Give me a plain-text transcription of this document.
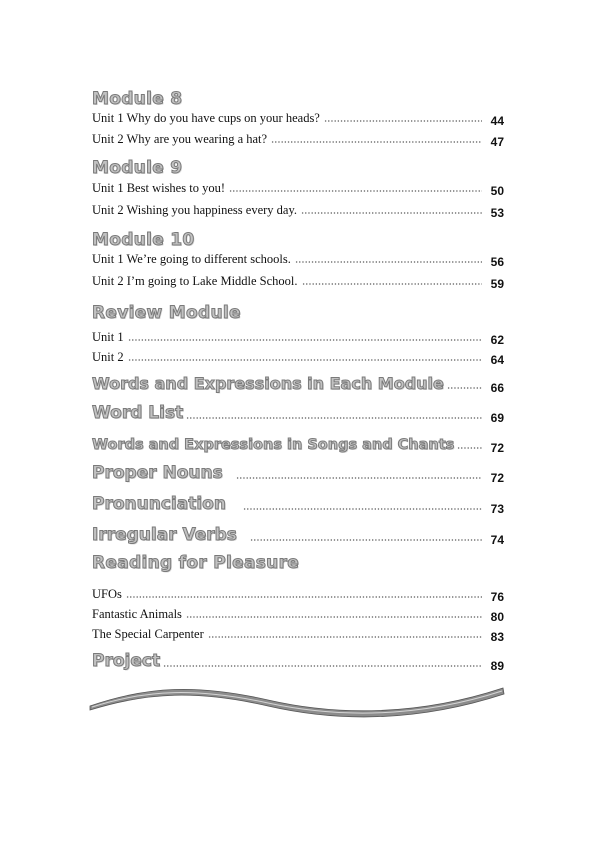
Module 8
Unit 1 Why do you have cups on your heads?	44
Unit 2 Why are you wearing a hat?	47
Module 9
Unit 1 Best wishes to you!	50
Unit 2 Wishing you happiness every day.	53
Module 10
Unit 1 We’re going to different schools.	56
Unit 2 I’m going to Lake Middle School.	59
Review Module
Unit 1	62
Unit 2	64
Words and Expressions in Each Module	66
Word List	69
Words and Expressions in Songs and Chants	72
Proper Nouns	72
Pronunciation	73
Irregular Verbs	74
Reading for Pleasure
UFOs	76
Fantastic Animals	80
The Special Carpenter	83
Project	89
